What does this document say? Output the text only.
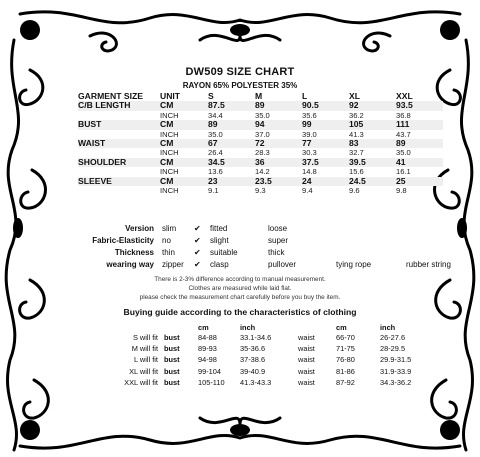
DW509 SIZE CHART
RAYON 65% POLYESTER 35%
GARMENT SIZE	UNIT	S	M	L	XL	XXL
C/B LENGTH	CM	87.5	89	90.5	92	93.5
	INCH	34.4	35.0	35.6	36.2	36.8
BUST	CM	89	94	99	105	111
	INCH	35.0	37.0	39.0	41.3	43.7
WAIST	CM	67	72	77	83	89
	INCH	26.4	28.3	30.3	32.7	35.0
SHOULDER	CM	34.5	36	37.5	39.5	41
	INCH	13.6	14.2	14.8	15.6	16.1
SLEEVE	CM	23	23.5	24	24.5	25
	INCH	9.1	9.3	9.4	9.6	9.8
Version	slim	✔	fitted	loose		
Fabric-Elasticity	no	✔	slight	super		
Thickness	thin	✔	suitable	thick		
wearing way	zipper	✔	clasp	pullover	tying rope	rubber string
There is 2-3% difference according to manual measurement.
Clothes are measured while laid flat.
please check the measurement chart carefully before you buy the item.
Buying guide according to the characteristics of clothing
		cm	inch		cm	inch
S will fit	bust	84-88	33.1-34.6	waist	66-70	26-27.6
M will fit	bust	89-93	35-36.6	waist	71-75	28-29.5
L will fit	bust	94-98	37-38.6	waist	76-80	29.9-31.5
XL will fit	bust	99-104	39-40.9	waist	81-86	31.9-33.9
XXL will fit	bust	105-110	41.3-43.3	waist	87-92	34.3-36.2
